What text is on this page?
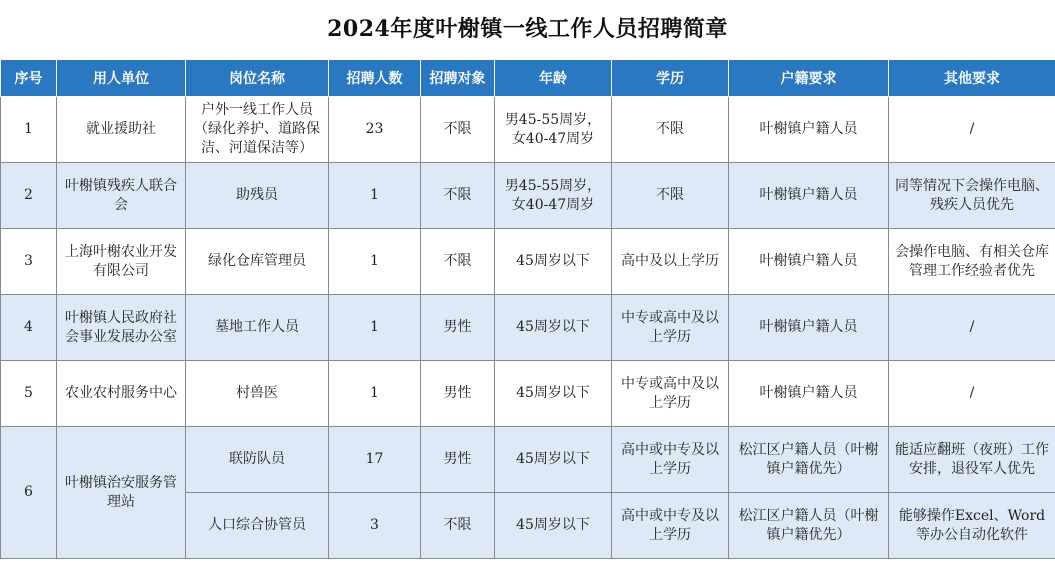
2024年度叶榭镇一线工作人员招聘简章
序号	用人单位	岗位名称	招聘人数	招聘对象	年龄	学历	户籍要求	其他要求
1	就业援助社	户外一线工作人员（绿化养护、道路保洁、河道保洁等）	23	不限	男45-55周岁，女40-47周岁	不限	叶榭镇户籍人员	/
2	叶榭镇残疾人联合会	助残员	1	不限	男45-55周岁，女40-47周岁	不限	叶榭镇户籍人员	同等情况下会操作电脑、残疾人员优先
3	上海叶榭农业开发有限公司	绿化仓库管理员	1	不限	45周岁以下	高中及以上学历	叶榭镇户籍人员	会操作电脑、有相关仓库管理工作经验者优先
4	叶榭镇人民政府社会事业发展办公室	墓地工作人员	1	男性	45周岁以下	中专或高中及以上学历	叶榭镇户籍人员	/
5	农业农村服务中心	村兽医	1	男性	45周岁以下	中专或高中及以上学历	叶榭镇户籍人员	/
6	叶榭镇治安服务管理站	联防队员	17	男性	45周岁以下	高中或中专及以上学历	松江区户籍人员（叶榭镇户籍优先）	能适应翻班（夜班）工作安排，退役军人优先
		人口综合协管员	3	不限	45周岁以下	高中或中专及以上学历	松江区户籍人员（叶榭镇户籍优先）	能够操作Excel、Word等办公自动化软件
